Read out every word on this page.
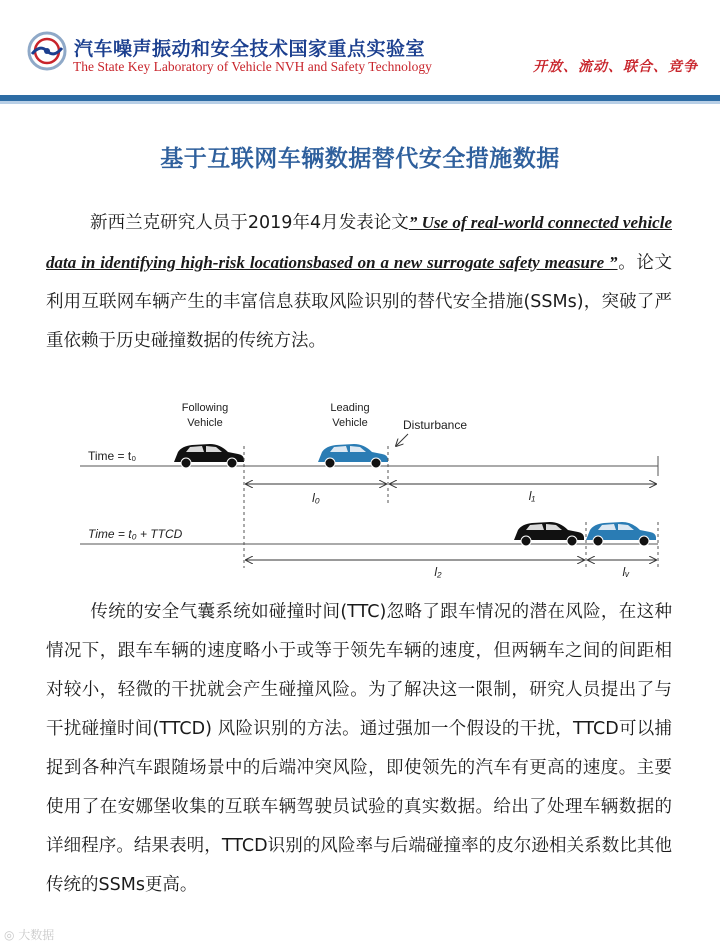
汽车噪声振动和安全技术国家重点实验室
The State Key Laboratory of Vehicle NVH and Safety Technology	开放、流动、联合、竞争
基于互联网车辆数据替代安全措施数据
新西兰克研究人员于2019年4月发表论文” Use of real-world connected vehicle data in identifying high-risk locationsbased on a new surrogate safety measure ”。论文利用互联网车辆产生的丰富信息获取风险识别的替代安全措施(SSMs)，突破了严重依赖于历史碰撞数据的传统方法。
Following
Vehicle
Leading
Vehicle	Disturbance
Time = t₀
l₀	l₁
Time = t₀ + TTCD
l₂	lᵥ
传统的安全气囊系统如碰撞时间(TTC)忽略了跟车情况的潜在风险，在这种情况下，跟车车辆的速度略小于或等于领先车辆的速度，但两辆车之间的间距相对较小，轻微的干扰就会产生碰撞风险。为了解决这一限制，研究人员提出了与干扰碰撞时间(TTCD) 风险识别的方法。通过强加一个假设的干扰，TTCD可以捕捉到各种汽车跟随场景中的后端冲突风险，即使领先的汽车有更高的速度。主要使用了在安娜堡收集的互联车辆驾驶员试验的真实数据。给出了处理车辆数据的详细程序。结果表明，TTCD识别的风险率与后端碰撞率的皮尔逊相关系数比其他传统的SSMs更高。
◎ 大数据
